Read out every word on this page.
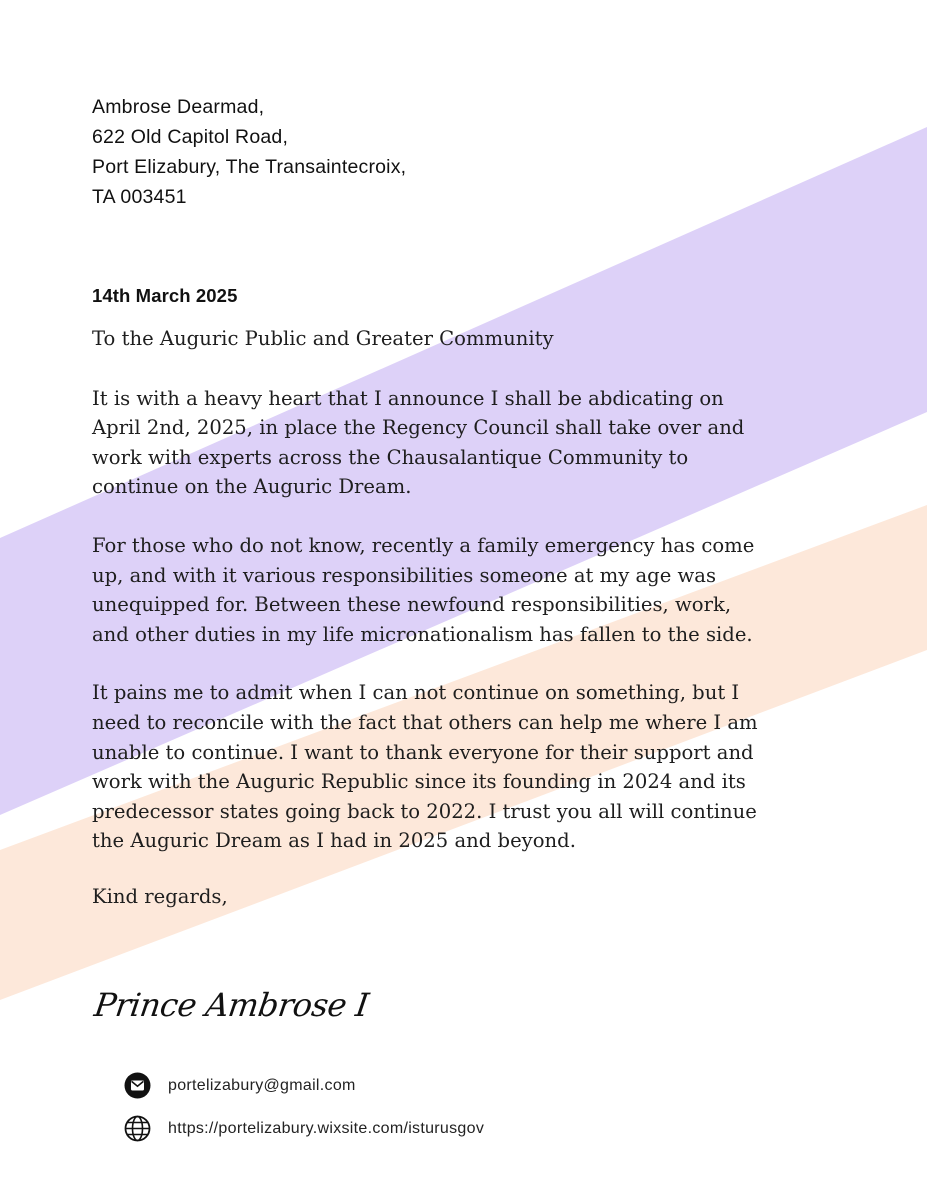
Ambrose Dearmad,
622 Old Capitol Road,
Port Elizabury, The Transaintecroix,
TA 003451
14th March 2025

To the Auguric Public and Greater Community

It is with a heavy heart that I announce I shall be abdicating on
April 2nd, 2025, in place the Regency Council shall take over and
work with experts across the Chausalantique Community to
continue on the Auguric Dream.

For those who do not know, recently a family emergency has come
up, and with it various responsibilities someone at my age was
unequipped for. Between these newfound responsibilities, work,
and other duties in my life micronationalism has fallen to the side.

It pains me to admit when I can not continue on something, but I
need to reconcile with the fact that others can help me where I am
unable to continue. I want to thank everyone for their support and
work with the Auguric Republic since its founding in 2024 and its
predecessor states going back to 2022. I trust you all will continue
the Auguric Dream as I had in 2025 and beyond.

Kind regards,
Prince Ambrose I
portelizabury@gmail.com
https://portelizabury.wixsite.com/isturusgov
